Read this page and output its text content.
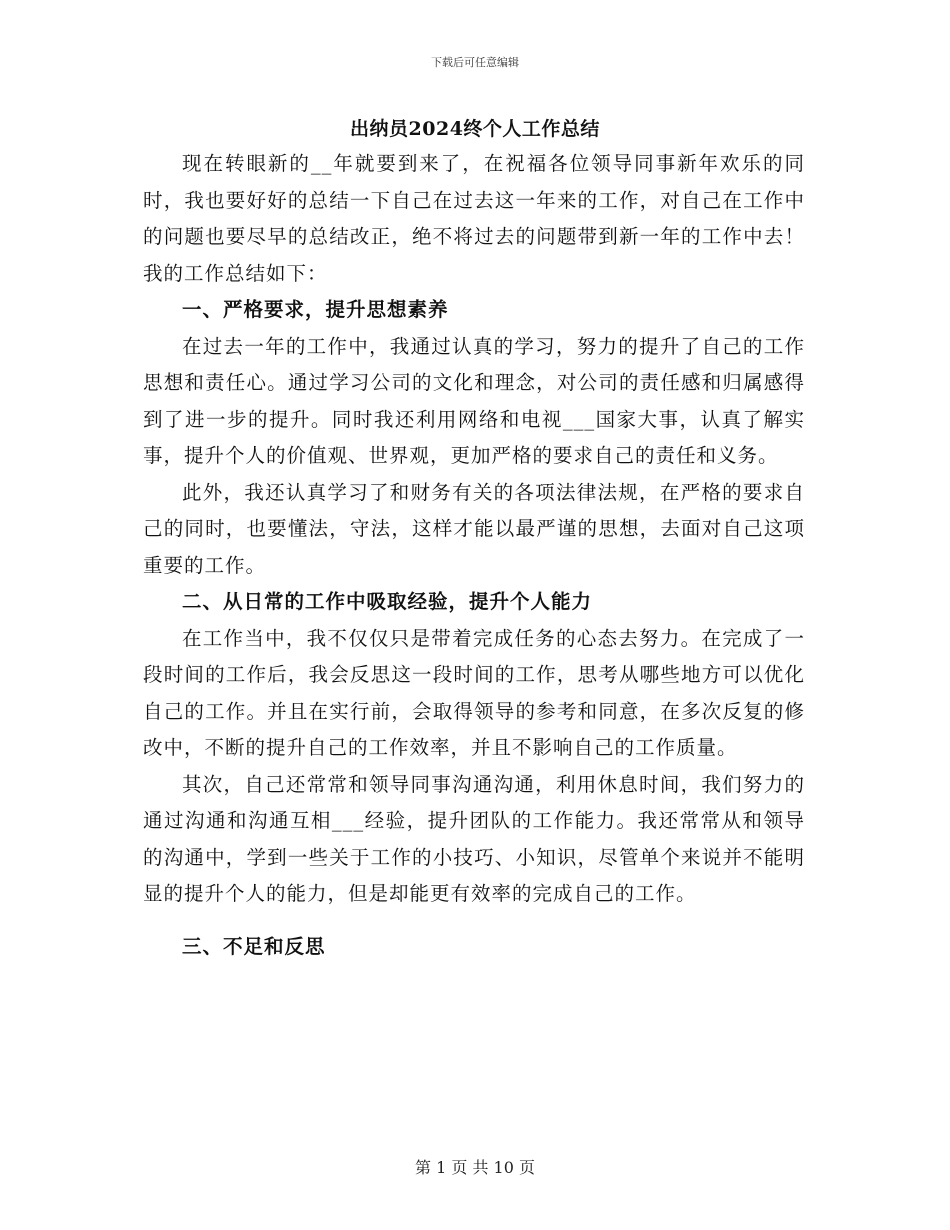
下载后可任意编辑
出纳员2024终个人工作总结

现在转眼新的__年就要到来了，在祝福各位领导同事新年欢乐的同时，我也要好好的总结一下自己在过去这一年来的工作，对自己在工作中的问题也要尽早的总结改正，绝不将过去的问题带到新一年的工作中去！我的工作总结如下：

一、严格要求，提升思想素养

在过去一年的工作中，我通过认真的学习，努力的提升了自己的工作思想和责任心。通过学习公司的文化和理念，对公司的责任感和归属感得到了进一步的提升。同时我还利用网络和电视___国家大事，认真了解实事，提升个人的价值观、世界观，更加严格的要求自己的责任和义务。

此外，我还认真学习了和财务有关的各项法律法规，在严格的要求自己的同时，也要懂法，守法，这样才能以最严谨的思想，去面对自己这项重要的工作。

二、从日常的工作中吸取经验，提升个人能力

在工作当中，我不仅仅只是带着完成任务的心态去努力。在完成了一段时间的工作后，我会反思这一段时间的工作，思考从哪些地方可以优化自己的工作。并且在实行前，会取得领导的参考和同意，在多次反复的修改中，不断的提升自己的工作效率，并且不影响自己的工作质量。

其次，自己还常常和领导同事沟通沟通，利用休息时间，我们努力的通过沟通和沟通互相___经验，提升团队的工作能力。我还常常从和领导的沟通中，学到一些关于工作的小技巧、小知识，尽管单个来说并不能明显的提升个人的能力，但是却能更有效率的完成自己的工作。

三、不足和反思

第 1 页 共 10 页
